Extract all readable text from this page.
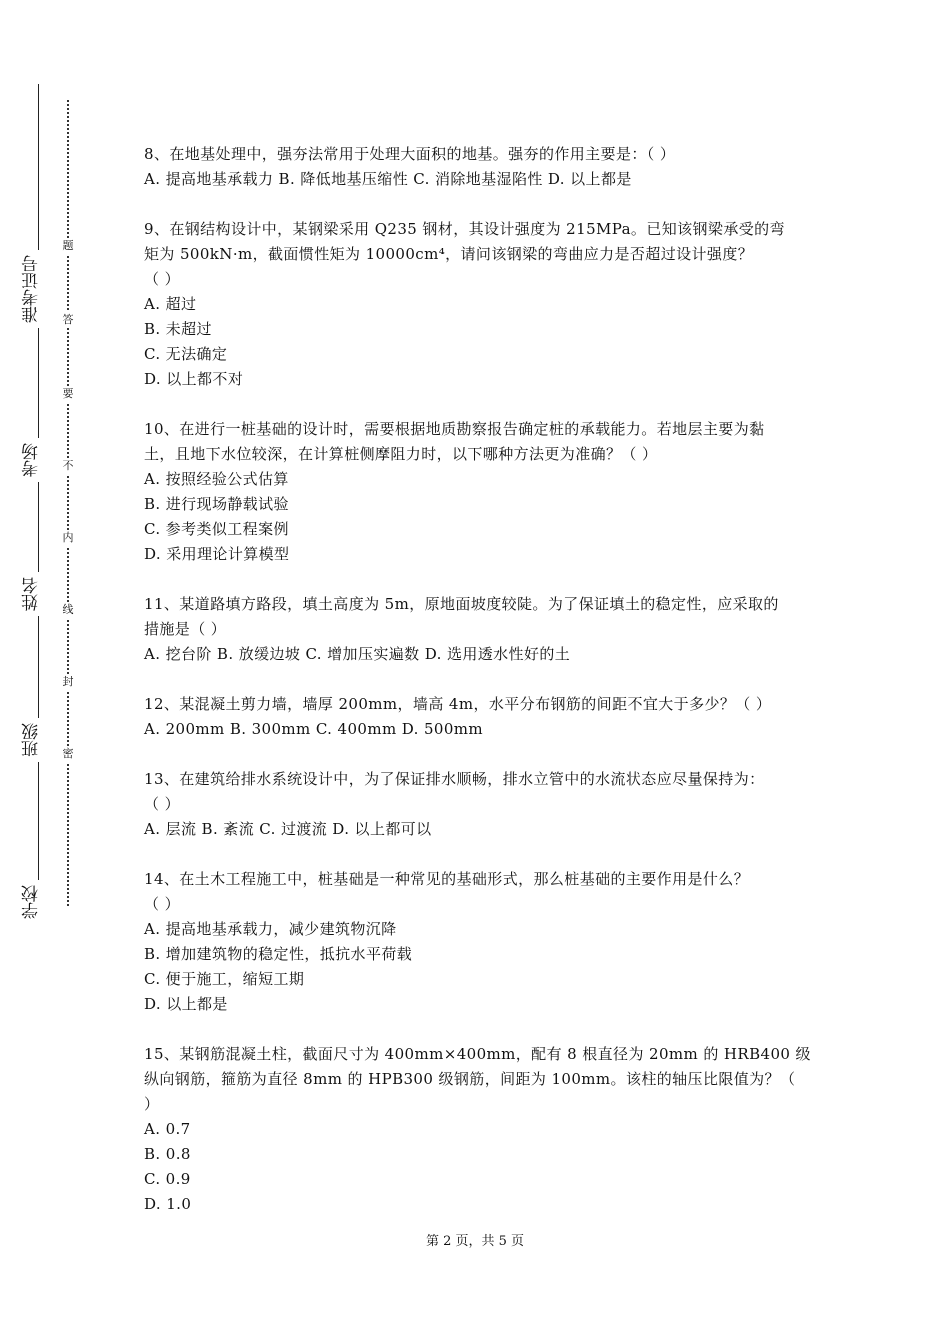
准考证号
考场
姓名
班级
学校
题
答
要
不
内
线
封
密

8、在地基处理中，强夯法常用于处理大面积的地基。强夯的作用主要是：（ ）

A. 提高地基承载力 B. 降低地基压缩性 C. 消除地基湿陷性 D. 以上都是

9、在钢结构设计中，某钢梁采用 Q235 钢材，其设计强度为 215MPa。已知该钢梁承受的弯

矩为 500kN·m，截面惯性矩为 10000cm⁴，请问该钢梁的弯曲应力是否超过设计强度？

（ ）

A. 超过

B. 未超过

C. 无法确定

D. 以上都不对

10、在进行一桩基础的设计时，需要根据地质勘察报告确定桩的承载能力。若地层主要为黏

土，且地下水位较深，在计算桩侧摩阻力时，以下哪种方法更为准确？（ ）

A. 按照经验公式估算

B. 进行现场静载试验

C. 参考类似工程案例

D. 采用理论计算模型

11、某道路填方路段，填土高度为 5m，原地面坡度较陡。为了保证填土的稳定性，应采取的

措施是（ ）

A. 挖台阶 B. 放缓边坡 C. 增加压实遍数 D. 选用透水性好的土

12、某混凝土剪力墙，墙厚 200mm，墙高 4m，水平分布钢筋的间距不宜大于多少？（ ）

A. 200mm B. 300mm C. 400mm D. 500mm

13、在建筑给排水系统设计中，为了保证排水顺畅，排水立管中的水流状态应尽量保持为：

（ ）

A. 层流 B. 紊流 C. 过渡流 D. 以上都可以

14、在土木工程施工中，桩基础是一种常见的基础形式，那么桩基础的主要作用是什么？

（ ）

A. 提高地基承载力，减少建筑物沉降

B. 增加建筑物的稳定性，抵抗水平荷载

C. 便于施工，缩短工期

D. 以上都是

15、某钢筋混凝土柱，截面尺寸为 400mm×400mm，配有 8 根直径为 20mm 的 HRB400 级

纵向钢筋，箍筋为直径 8mm 的 HPB300 级钢筋，间距为 100mm。该柱的轴压比限值为？（

）

A. 0.7

B. 0.8

C. 0.9

D. 1.0

第 2 页，共 5 页
